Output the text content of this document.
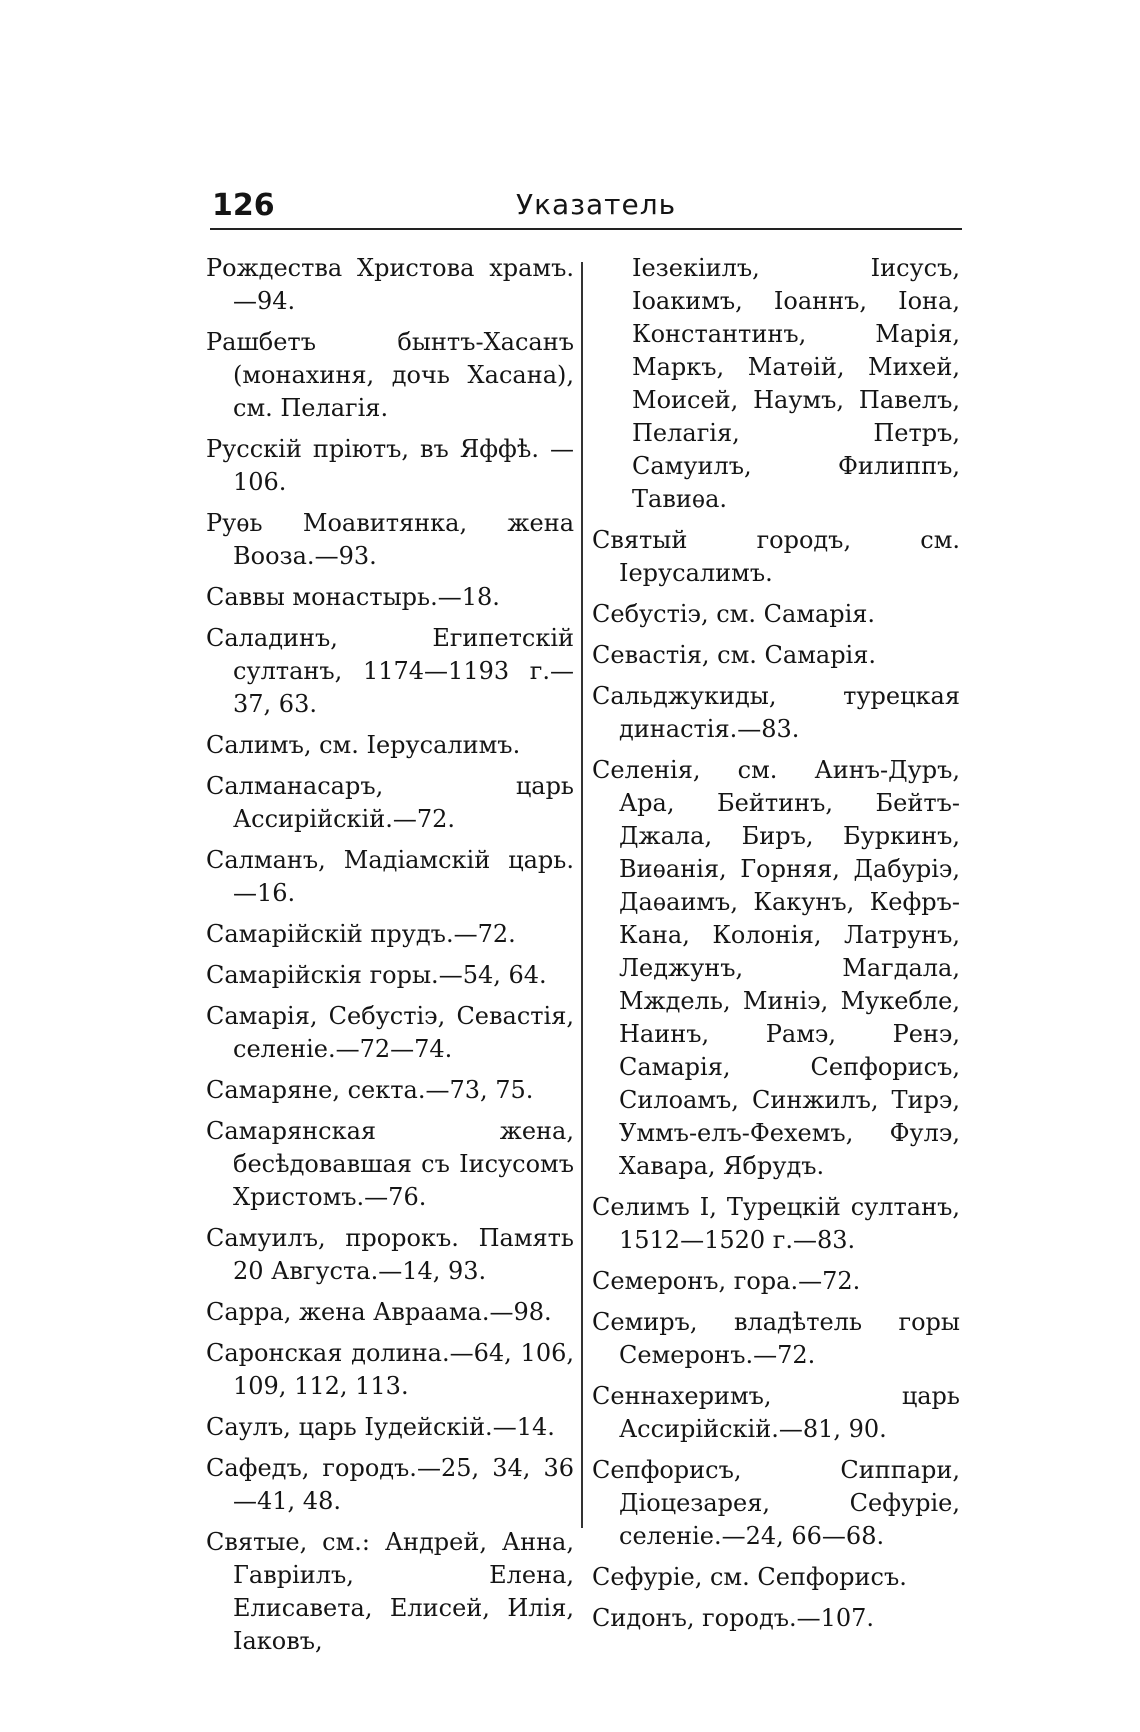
126	Указатель

Рождества Христова храмъ. —94.

Рашбетъ бынтъ-Хасанъ (монахиня, дочь Хасана), см. Пелагія.

Русскій пріютъ, въ Яффѣ. —106.

Руѳь Моавитянка, жена Вооза.—93.

Саввы монастырь.—18.

Саладинъ, Египетскій султанъ, 1174—1193 г.—37, 63.

Салимъ, см. Іерусалимъ.

Салманасаръ, царь Ассирійскій.—72.

Салманъ, Мадіамскій царь.—16.

Самарійскій прудъ.—72.

Самарійскія горы.—54, 64.

Самарія, Себустіэ, Севастія, селеніе.—72—74.

Самаряне, секта.—73, 75.

Самарянская жена, бесѣдовавшая съ Іисусомъ Христомъ.—76.

Самуилъ, пророкъ. Память 20 Августа.—14, 93.

Сарра, жена Авраама.—98.

Саронская долина.—64, 106, 109, 112, 113.

Саулъ, царь Іудейскій.—14.

Сафедъ, городъ.—25, 34, 36—41, 48.

Святые, см.: Андрей, Анна, Гавріилъ, Елена, Елисавета, Елисей, Илія, Іаковъ,

Іезекіилъ, Іисусъ, Іоакимъ, Іоаннъ, Іона, Константинъ, Марія, Маркъ, Матѳій, Михей, Моисей, Наумъ, Павелъ, Пелагія, Петръ, Самуилъ, Филиппъ, Тавиѳа.

Святый городъ, см. Іерусалимъ.

Себустіэ, см. Самарія.

Севастія, см. Самарія.

Сальджукиды, турецкая династія.—83.

Селенія, см. Аинъ-Дуръ, Ара, Бейтинъ, Бейтъ-Джала, Биръ, Буркинъ, Виѳанія, Горняя, Дабуріэ, Даѳаимъ, Какунъ, Кефръ-Кана, Колонія, Латрунъ, Леджунъ, Магдала, Мждель, Миніэ, Мукебле, Наинъ, Рамэ, Ренэ, Самарія, Сепфорисъ, Силоамъ, Синжилъ, Тирэ, Уммъ-елъ-Фехемъ, Фулэ, Хавара, Ябрудъ.

Селимъ I, Турецкій султанъ, 1512—1520 г.—83.

Семеронъ, гора.—72.

Семиръ, владѣтель горы Семеронъ.—72.

Сеннахеримъ, царь Ассирійскій.—81, 90.

Сепфорисъ, Сиппари, Діоцезарея, Сефуріе, селеніе.—24, 66—68.

Сефуріе, см. Сепфорисъ.

Сидонъ, городъ.—107.
